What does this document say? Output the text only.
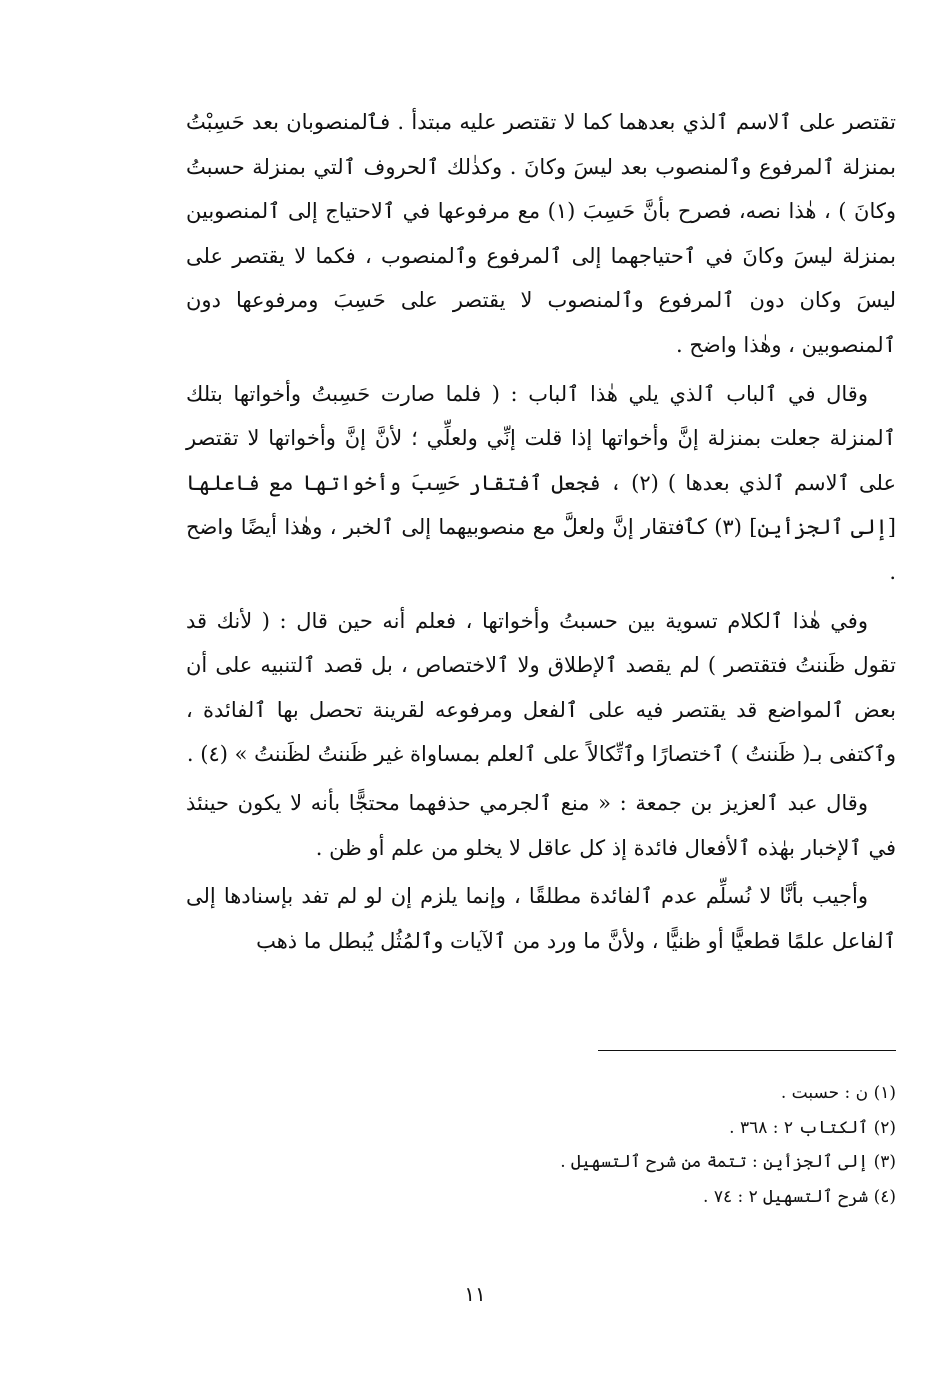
تقتصر على ٱلاسم ٱلذي بعدهما كما لا تقتصر عليه مبتدأ . فٱلمنصوبان بعد حَسِبْتُ بمنزلة ٱلمرفوع وٱلمنصوب بعد ليسَ وكانَ . وكذٰلك ٱلحروف ٱلتي بمنزلة حسبتُ وكانَ ) ، هٰذا نصه، فصرح بأنَّ حَسِبَ (١) مع مرفوعها في ٱلاحتياج إلى ٱلمنصوبين بمنزلة ليسَ وكانَ في ٱحتياجهما إلى ٱلمرفوع وٱلمنصوب ، فكما لا يقتصر على ليسَ وكان دون ٱلمرفوع وٱلمنصوب لا يقتصر على حَسِبَ ومرفوعها دون ٱلمنصوبين ، وهٰذا واضح .

وقال في ٱلباب ٱلذي يلي هٰذا ٱلباب : ( فلما صارت حَسِبتُ وأخواتها بتلك ٱلمنزلة جعلت بمنزلة إنَّ وأخواتها إذا قلت إنِّي ولعلِّي ؛ لأنَّ إنَّ وأخواتها لا تقتصر على ٱلاسم ٱلذي بعدها ) (٢) ، فجعل ٱفتقار حَسِبَ وأخواتها مع فاعلها [إلى ٱلجزأين] (٣) كٱفتقار إنَّ ولعلَّ مع منصوبيهما إلى ٱلخبر ، وهٰذا أيضًا واضح .

وفي هٰذا ٱلكلام تسوية بين حسبتُ وأخواتها ، فعلم أنه حين قال : ( لأنك قد تقول ظَننتُ فتقتصر ) لم يقصد ٱلإطلاق ولا ٱلاختصاص ، بل قصد ٱلتنبيه على أن بعض ٱلمواضع قد يقتصر فيه على ٱلفعل ومرفوعه لقرينة تحصل بها ٱلفائدة ، وٱكتفى بـ( ظَننتُ ) ٱختصارًا وٱتِّكالاً على ٱلعلم بمساواة غير ظَننتُ لظَننتُ » (٤) .

وقال عبد ٱلعزيز بن جمعة : « منع ٱلجرمي حذفهما محتجًّا بأنه لا يكون حينئذ في ٱلإخبار بهٰذه ٱلأفعال فائدة إذ كل عاقل لا يخلو من علم أو ظن .

وأجيب بأنَّا لا نُسلِّم عدم ٱلفائدة مطلقًا ، وإنما يلزم إن لو لم تفد بإسنادها إلى ٱلفاعل علمًا قطعيًّا أو ظنيًّا ، ولأنَّ ما ورد من ٱلآيات وٱلمُثُل يُبطل ما ذهب

(١) ن : حسبت .

(٢) ٱلكتاب ٢ : ٣٦٨ .

(٣) إلى ٱلجزأين : تتمة من شرح ٱلتسهيل .

(٤) شرح ٱلتسهيل ٢ : ٧٤ .

١١
